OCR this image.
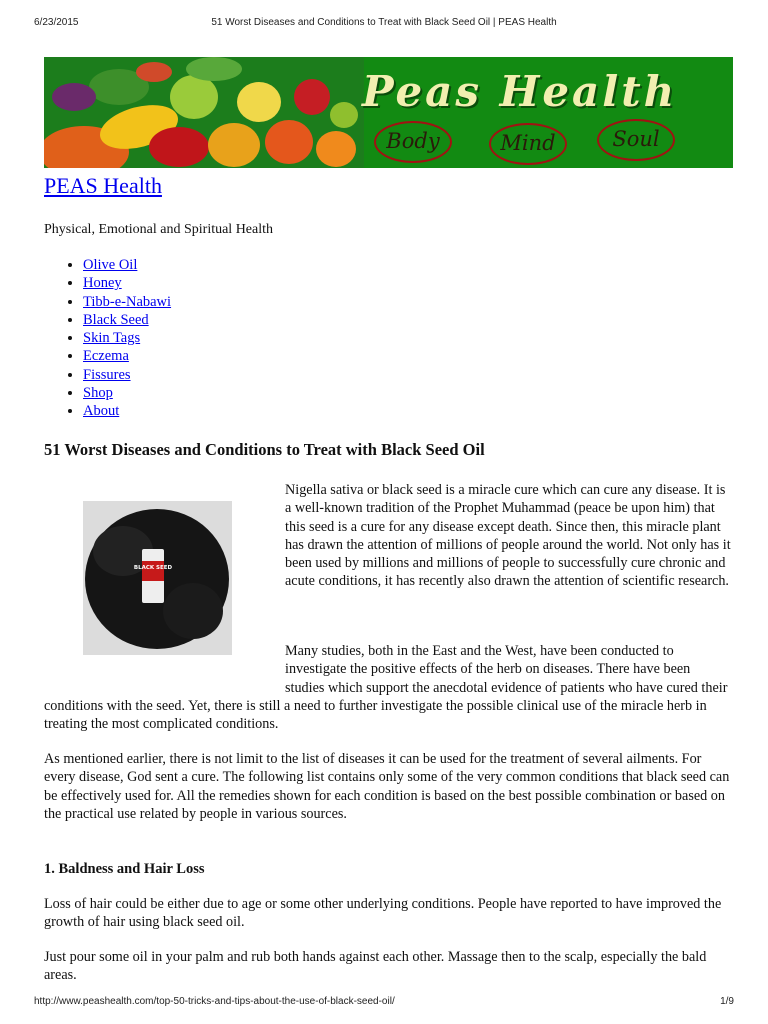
6/23/2015	51 Worst Diseases and Conditions to Treat with Black Seed Oil | PEAS Health
Peas Health
Body	Mind	Soul
PEAS Health

Physical, Emotional and Spiritual Health

• Olive Oil
• Honey
• Tibb-e-Nabawi
• Black Seed
• Skin Tags
• Eczema
• Fissures
• Shop
• About
51 Worst Diseases and Conditions to Treat with Black Seed Oil
BLACK SEED

Nigella sativa or black seed is a miracle cure which can cure any disease. It is a well-known tradition of the Prophet Muhammad (peace be upon him) that this seed is a cure for any disease except death. Since then, this miracle plant has drawn the attention of millions of people around the world. Not only has it been used by millions and millions of people to successfully cure chronic and acute conditions, it has recently also drawn the attention of scientific research.

Many studies, both in the East and the West, have been conducted to investigate the positive effects of the herb on diseases. There have been studies which support the anecdotal evidence of patients who have cured their conditions with the seed. Yet, there is still a need to further investigate the possible clinical use of the miracle herb in treating the most complicated conditions.

As mentioned earlier, there is not limit to the list of diseases it can be used for the treatment of several ailments. For every disease, God sent a cure. The following list contains only some of the very common conditions that black seed can be effectively used for. All the remedies shown for each condition is based on the best possible combination or based on the practical use related by people in various sources.

1. Baldness and Hair Loss

Loss of hair could be either due to age or some other underlying conditions. People have reported to have improved the growth of hair using black seed oil.

Just pour some oil in your palm and rub both hands against each other. Massage then to the scalp, especially the bald areas.

http://www.peashealth.com/top-50-tricks-and-tips-about-the-use-of-black-seed-oil/	1/9
